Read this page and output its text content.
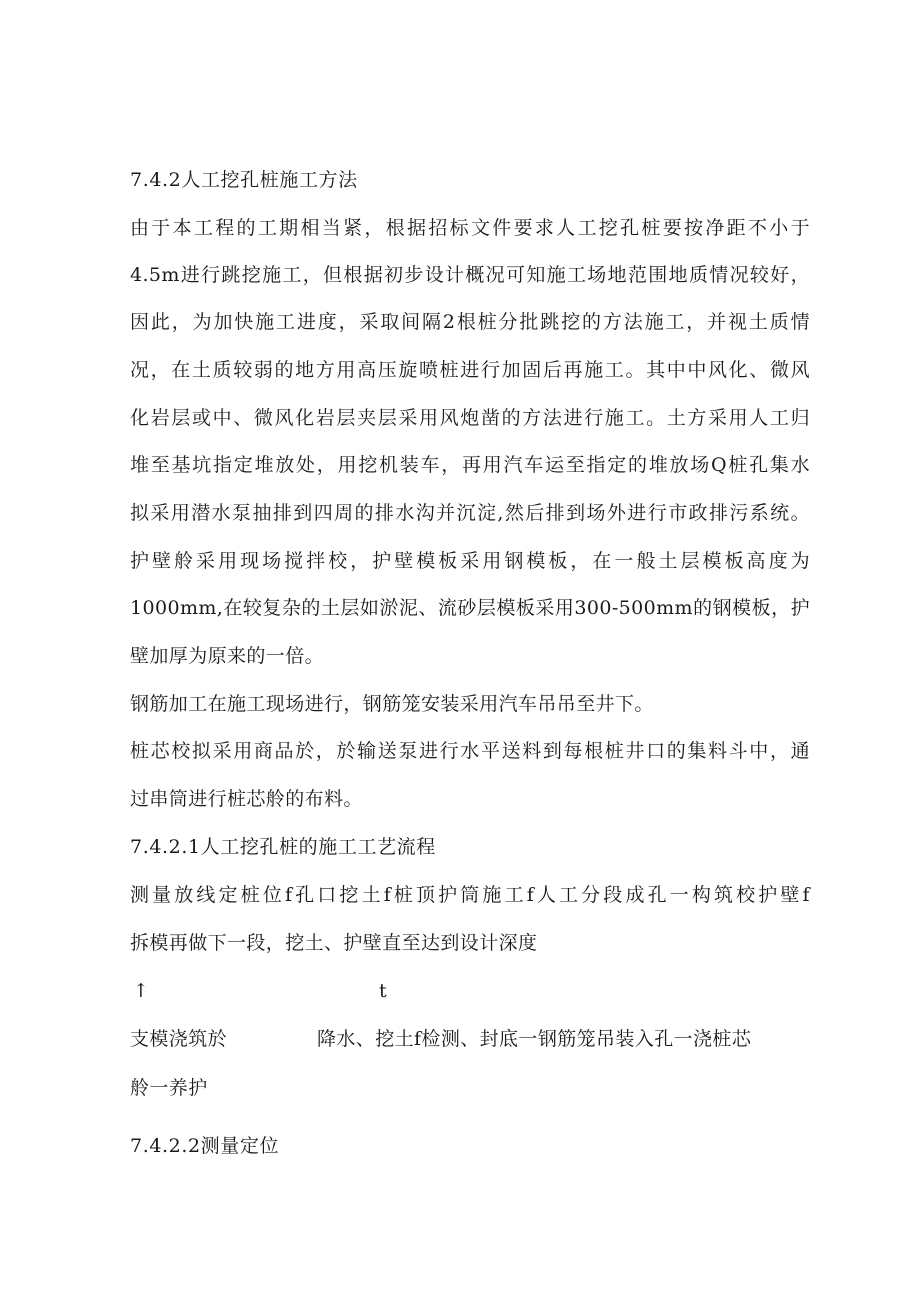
7.4.2人工挖孔桩施工方法
由于本工程的工期相当紧，根据招标文件要求人工挖孔桩要按净距不小于
4.5m进行跳挖施工，但根据初步设计概况可知施工场地范围地质情况较好，
因此，为加快施工进度，采取间隔2根桩分批跳挖的方法施工，并视土质情
况，在土质较弱的地方用高压旋喷桩进行加固后再施工。其中中风化、微风
化岩层或中、微风化岩层夹层采用风炮凿的方法进行施工。土方采用人工归
堆至基坑指定堆放处，用挖机装车，再用汽车运至指定的堆放场Q桩孔集水
拟采用潜水泵抽排到四周的排水沟并沉淀,然后排到场外进行市政排污系统。
护壁舲采用现场搅拌校，护壁模板采用钢模板，在一般土层模板高度为
1000mm,在较复杂的土层如淤泥、流砂层模板采用300-500mm的钢模板，护
壁加厚为原来的一倍。
钢筋加工在施工现场进行，钢筋笼安装采用汽车吊吊至井下。
桩芯校拟采用商品於，於输送泵进行水平送料到每根桩井口的集料斗中，通
过串筒进行桩芯舲的布料。
7.4.2.1人工挖孔桩的施工工艺流程
测量放线定桩位f孔口挖土f桩顶护筒施工f人工分段成孔一构筑校护壁f
拆模再做下一段，挖土、护壁直至达到设计深度
↑	t
支模浇筑於	降水、挖土f检测、封底一钢筋笼吊装入孔一浇桩芯
舲一养护
7.4.2.2测量定位
